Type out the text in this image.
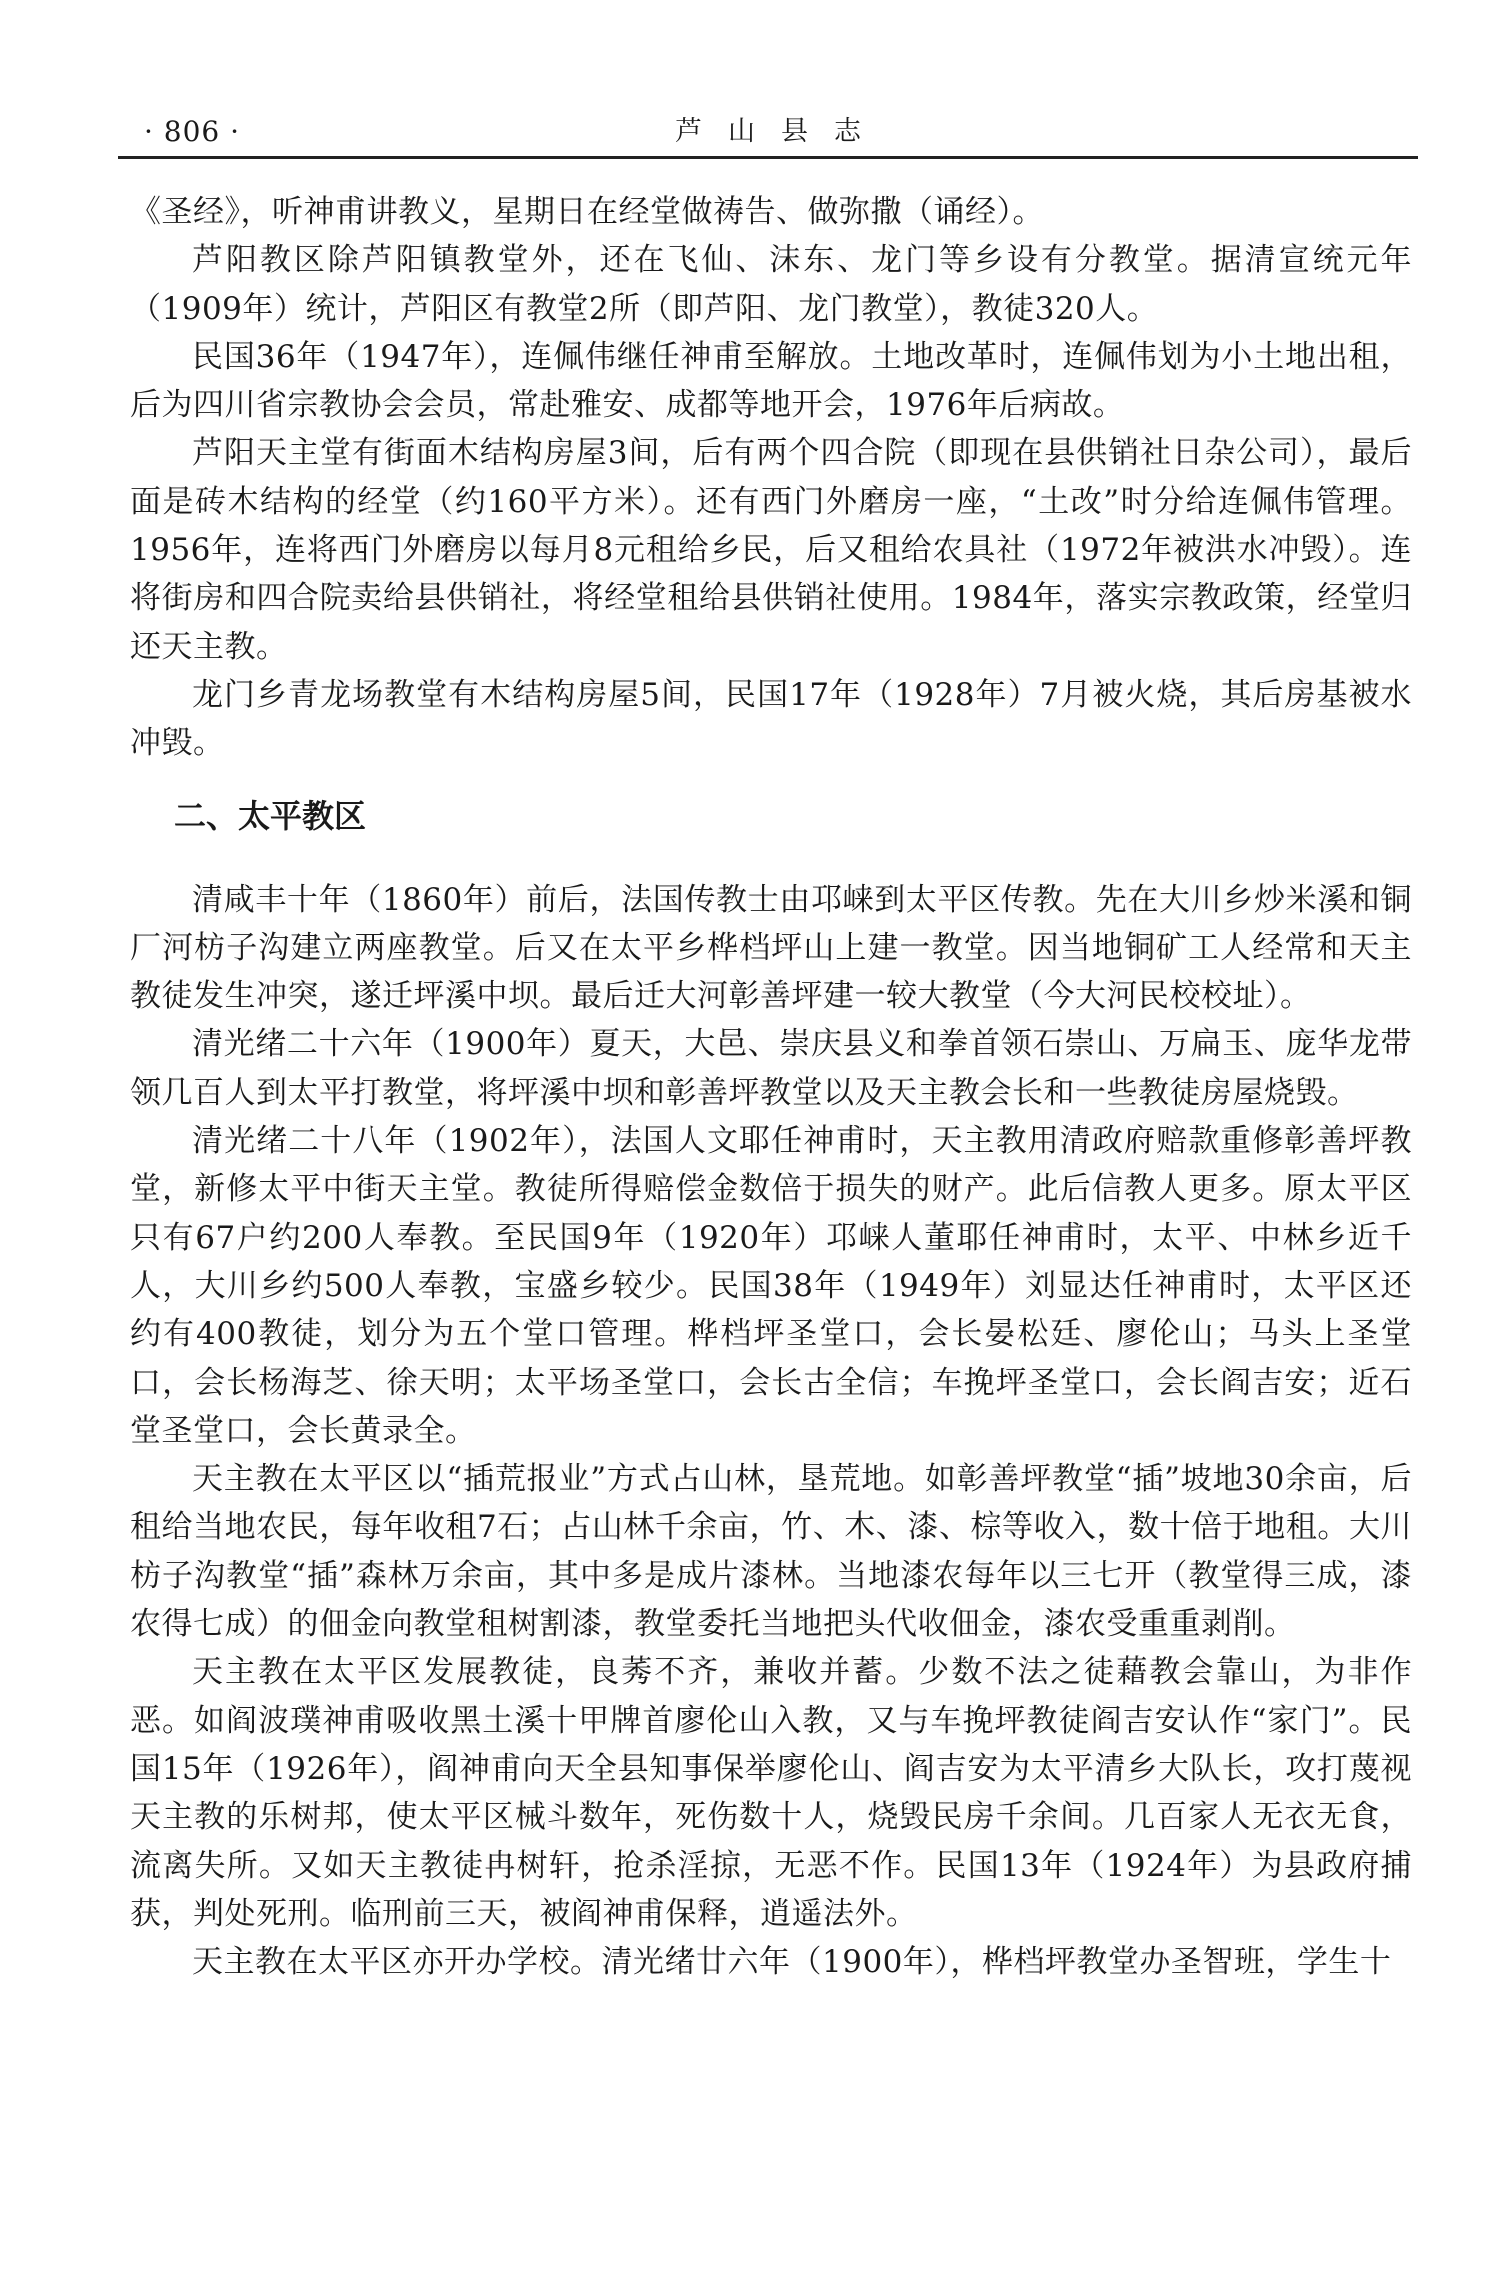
· 806 ·	芦山县志

《圣经》，听神甫讲教义，星期日在经堂做祷告、做弥撒（诵经）。

芦阳教区除芦阳镇教堂外，还在飞仙、沫东、龙门等乡设有分教堂。据清宣统元年（1909年）统计，芦阳区有教堂2所（即芦阳、龙门教堂），教徒320人。

民国36年（1947年），连佩伟继任神甫至解放。土地改革时，连佩伟划为小土地出租，后为四川省宗教协会会员，常赴雅安、成都等地开会，1976年后病故。

芦阳天主堂有街面木结构房屋3间，后有两个四合院（即现在县供销社日杂公司），最后面是砖木结构的经堂（约160平方米）。还有西门外磨房一座，“土改”时分给连佩伟管理。1956年，连将西门外磨房以每月8元租给乡民，后又租给农具社（1972年被洪水冲毁）。连将街房和四合院卖给县供销社，将经堂租给县供销社使用。1984年，落实宗教政策，经堂归还天主教。

龙门乡青龙场教堂有木结构房屋5间，民国17年（1928年）7月被火烧，其后房基被水冲毁。

二、太平教区

清咸丰十年（1860年）前后，法国传教士由邛崃到太平区传教。先在大川乡炒米溪和铜厂河枋子沟建立两座教堂。后又在太平乡桦档坪山上建一教堂。因当地铜矿工人经常和天主教徒发生冲突，遂迁坪溪中坝。最后迁大河彰善坪建一较大教堂（今大河民校校址）。

清光绪二十六年（1900年）夏天，大邑、崇庆县义和拳首领石崇山、万扁玉、庞华龙带领几百人到太平打教堂，将坪溪中坝和彰善坪教堂以及天主教会长和一些教徒房屋烧毁。

清光绪二十八年（1902年），法国人文耶任神甫时，天主教用清政府赔款重修彰善坪教堂，新修太平中街天主堂。教徒所得赔偿金数倍于损失的财产。此后信教人更多。原太平区只有67户约200人奉教。至民国9年（1920年）邛崃人董耶任神甫时，太平、中林乡近千人，大川乡约500人奉教，宝盛乡较少。民国38年（1949年）刘显达任神甫时，太平区还约有400教徒，划分为五个堂口管理。桦档坪圣堂口，会长晏松廷、廖伦山；马头上圣堂口，会长杨海芝、徐天明；太平场圣堂口，会长古全信；车挽坪圣堂口，会长阎吉安；近石堂圣堂口，会长黄录全。

天主教在太平区以“插荒报业”方式占山林，垦荒地。如彰善坪教堂“插”坡地30余亩，后租给当地农民，每年收租7石；占山林千余亩，竹、木、漆、棕等收入，数十倍于地租。大川枋子沟教堂“插”森林万余亩，其中多是成片漆林。当地漆农每年以三七开（教堂得三成，漆农得七成）的佃金向教堂租树割漆，教堂委托当地把头代收佃金，漆农受重重剥削。

天主教在太平区发展教徒，良莠不齐，兼收并蓄。少数不法之徒藉教会靠山，为非作恶。如阎波璞神甫吸收黑土溪十甲牌首廖伦山入教，又与车挽坪教徒阎吉安认作“家门”。民国15年（1926年），阎神甫向天全县知事保举廖伦山、阎吉安为太平清乡大队长，攻打蔑视天主教的乐树邦，使太平区械斗数年，死伤数十人，烧毁民房千余间。几百家人无衣无食，流离失所。又如天主教徒冉树轩，抢杀淫掠，无恶不作。民国13年（1924年）为县政府捕获，判处死刑。临刑前三天，被阎神甫保释，逍遥法外。

天主教在太平区亦开办学校。清光绪廿六年（1900年），桦档坪教堂办圣智班，学生十
